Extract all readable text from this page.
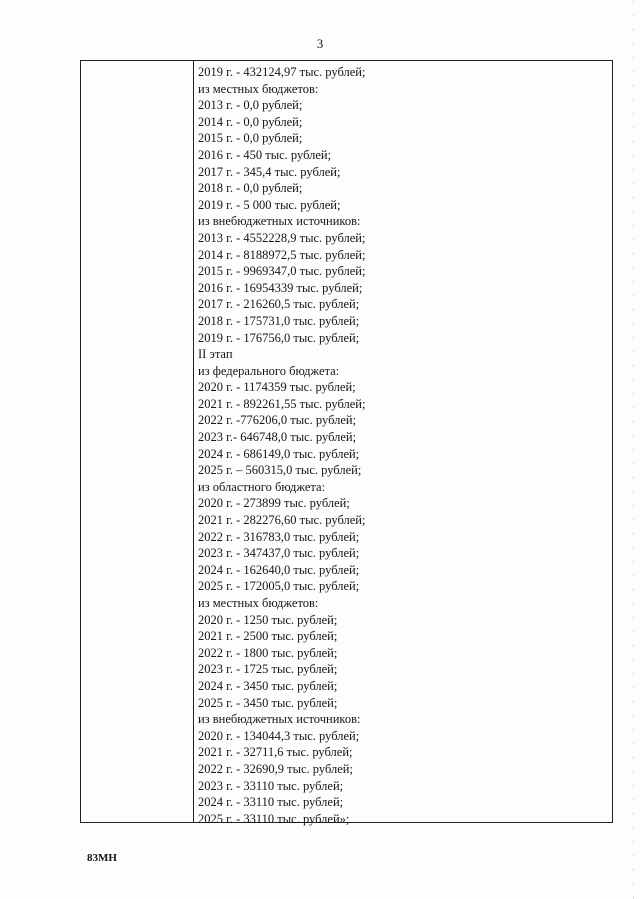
3
2019 г. - 432124,97 тыс. рублей;
из местных бюджетов:
2013 г. - 0,0 рублей;
2014 г. - 0,0 рублей;
2015 г. - 0,0 рублей;
2016 г. - 450 тыс. рублей;
2017 г. - 345,4 тыс. рублей;
2018 г. - 0,0 рублей;
2019 г. - 5 000 тыс. рублей;
из внебюджетных источников:
2013 г. - 4552228,9 тыс. рублей;
2014 г. - 8188972,5 тыс. рублей;
2015 г. - 9969347,0 тыс. рублей;
2016 г. - 16954339 тыс. рублей;
2017 г. - 216260,5 тыс. рублей;
2018 г. - 175731,0 тыс. рублей;
2019 г. - 176756,0 тыс. рублей;
II этап
из федерального бюджета:
2020 г. - 1174359 тыс. рублей;
2021 г. - 892261,55 тыс. рублей;
2022 г. -776206,0 тыс. рублей;
2023 г.- 646748,0 тыс. рублей;
2024 г. - 686149,0 тыс. рублей;
2025 г. – 560315,0 тыс. рублей;
из областного бюджета:
2020 г. - 273899 тыс. рублей;
2021 г. - 282276,60 тыс. рублей;
2022 г. - 316783,0 тыс. рублей;
2023 г. - 347437,0 тыс. рублей;
2024 г. - 162640,0 тыс. рублей;
2025 г. - 172005,0 тыс. рублей;
из местных бюджетов:
2020 г. - 1250 тыс. рублей;
2021 г. - 2500 тыс. рублей;
2022 г. - 1800 тыс. рублей;
2023 г. - 1725 тыс. рублей;
2024 г. - 3450 тыс. рублей;
2025 г. - 3450 тыс. рублей;
из внебюджетных источников:
2020 г. - 134044,3 тыс. рублей;
2021 г. - 32711,6 тыс. рублей;
2022 г. - 32690,9 тыс. рублей;
2023 г. - 33110 тыс. рублей;
2024 г. - 33110 тыс. рублей;
2025 г. - 33110 тыс. рублей»;
83МН
